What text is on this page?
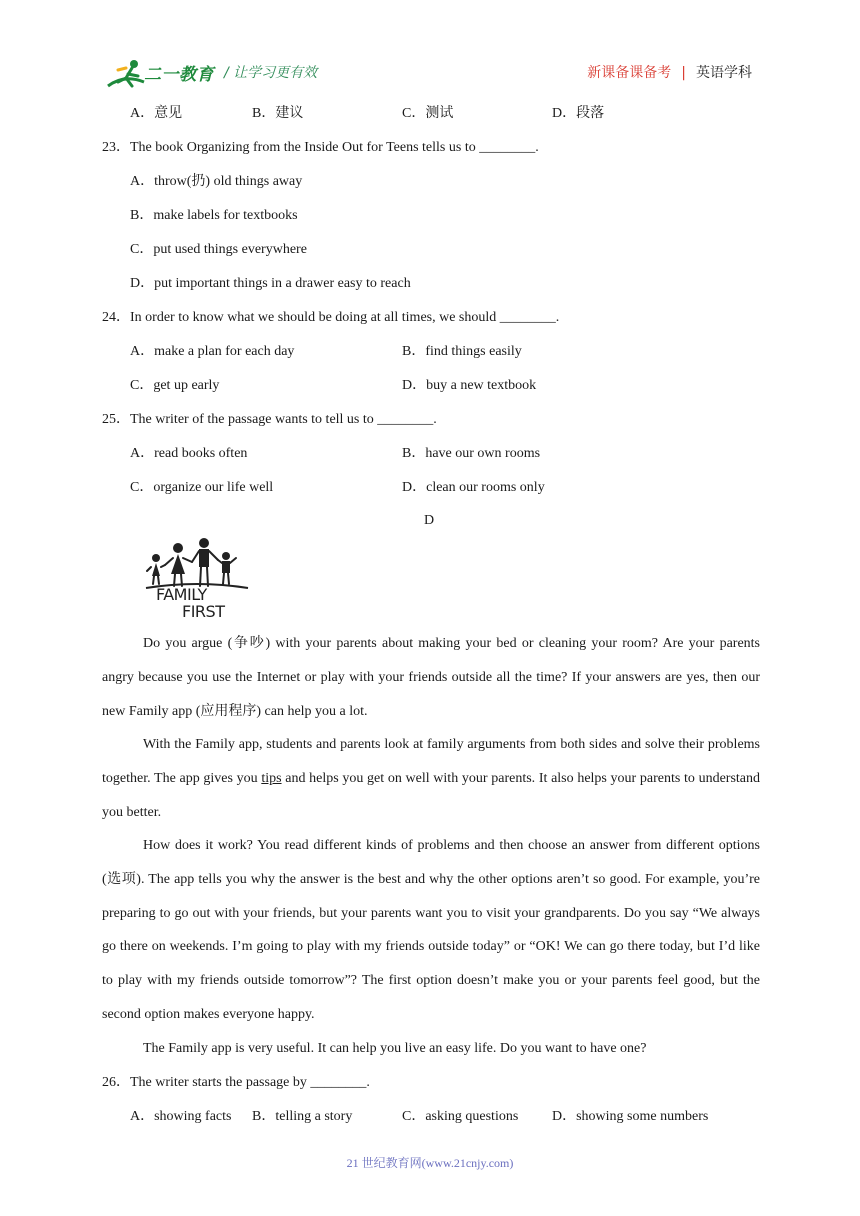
二一教育 / 让学习更有效	新课备课备考 | 英语学科
A．意见	B．建议	C．测试	D．段落
23．The book Organizing from the Inside Out for Teens tells us to ________.
A．throw(扔) old things away
B．make labels for textbooks
C．put used things everywhere
D．put important things in a drawer easy to reach
24．In order to know what we should be doing at all times, we should ________.
A．make a plan for each day	B．find things easily
C．get up early	D．buy a new textbook
25．The writer of the passage wants to tell us to ________.
A．read books often	B．have our own rooms
C．organize our life well	D．clean our rooms only
D
FAMILY
FIRST
Do you argue (争吵) with your parents about making your bed or cleaning your room? Are your parents angry because you use the Internet or play with your friends outside all the time? If your answers are yes, then our new Family app (应用程序) can help you a lot.
With the Family app, students and parents look at family arguments from both sides and solve their problems together. The app gives you tips and helps you get on well with your parents. It also helps your parents to understand you better.
How does it work? You read different kinds of problems and then choose an answer from different options (选项). The app tells you why the answer is the best and why the other options aren’t so good. For example, you’re preparing to go out with your friends, but your parents want you to visit your grandparents. Do you say “We always go there on weekends. I’m going to play with my friends outside today” or “OK! We can go there today, but I’d like to play with my friends outside tomorrow”? The first option doesn’t make you or your parents feel good, but the second option makes everyone happy.
The Family app is very useful. It can help you live an easy life. Do you want to have one?
26．The writer starts the passage by ________.
A．showing facts B．telling a story	C．asking questions D．showing some numbers
21 世纪教育网(www.21cnjy.com)
